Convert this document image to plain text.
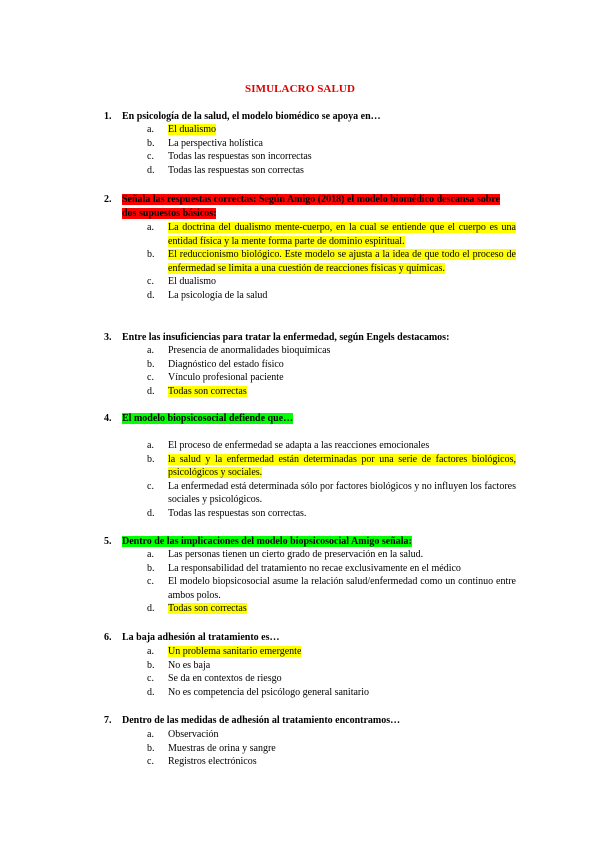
SIMULACRO SALUD
1. En psicología de la salud, el modelo biomédico se apoya en…
a. El dualismo
b. La perspectiva holística
c. Todas las respuestas son incorrectas
d. Todas las respuestas son correctas
2.	Señala las respuestas correctas: Según Amigo (2018) el modelo biomédico descansa sobre dos supuestos básicos:
a. La doctrina del dualismo mente-cuerpo, en la cual se entiende que el cuerpo es una entidad física y la mente forma parte de dominio espiritual.
b. El reduccionismo biológico. Este modelo se ajusta a la idea de que todo el proceso de enfermedad se limita a una cuestión de reacciones físicas y químicas.
c. El dualismo
d. La psicología de la salud
3. Entre las insuficiencias para tratar la enfermedad, según Engels destacamos:
a. Presencia de anormalidades bioquímicas
b. Diagnóstico del estado físico
c. Vínculo profesional paciente
d. Todas son correctas
4. El modelo biopsicosocial defiende que…
a. El proceso de enfermedad se adapta a las reacciones emocionales
b. la salud y la enfermedad están determinadas por una serie de factores biológicos, psicológicos y sociales.
c. La enfermedad está determinada sólo por factores biológicos y no influyen los factores sociales y psicológicos.
d. Todas las respuestas son correctas.
5. Dentro de las implicaciones del modelo biopsicosocial Amigo señala:
a. Las personas tienen un cierto grado de preservación en la salud.
b. La responsabilidad del tratamiento no recae exclusivamente en el médico
c. El modelo biopsicosocial asume la relación salud/enfermedad como un continuo entre ambos polos.
d. Todas son correctas
6. La baja adhesión al tratamiento es…
a. Un problema sanitario emergente
b. No es baja
c. Se da en contextos de riesgo
d. No es competencia del psicólogo general sanitario
7. Dentro de las medidas de adhesión al tratamiento encontramos…
a. Observación
b. Muestras de orina y sangre
c. Registros electrónicos
